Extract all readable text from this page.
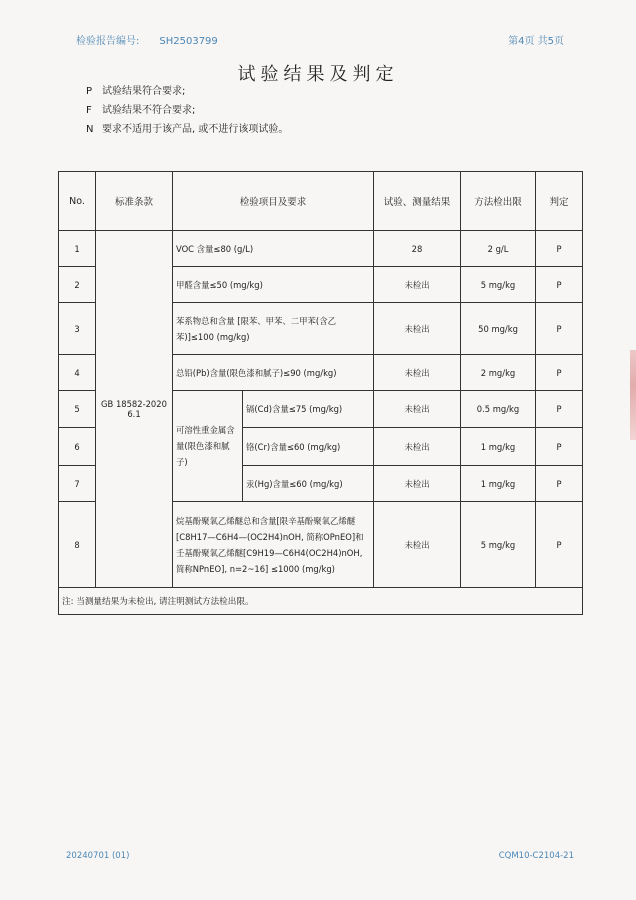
检验报告编号: SH2503799	第4页 共5页
试验结果及判定
P 试验结果符合要求;
F	试验结果不符合要求;
N 要求不适用于该产品, 或不进行该项试验。
No.	标准条款	检验项目及要求		试验、测量结果	方法检出限	判定
1	GB 18582-2020 6.1	VOC 含量≤80 (g/L)		28	2 g/L	P
2		甲醛含量≤50 (mg/kg)		未检出	5 mg/kg	P
3		苯系物总和含量 [限苯、甲苯、二甲苯(含乙苯)]≤100 (mg/kg)		未检出	50 mg/kg	P
4		总铅(Pb)含量(限色漆和腻子)≤90 (mg/kg)		未检出	2 mg/kg	P
5		可溶性重金属含量(限色漆和腻子)	镉(Cd)含量≤75 (mg/kg)	未检出	0.5 mg/kg	P
6			铬(Cr)含量≤60 (mg/kg)	未检出	1 mg/kg	P
7			汞(Hg)含量≤60 (mg/kg)	未检出	1 mg/kg	P
8		烷基酚聚氧乙烯醚总和含量[限辛基酚聚氧乙烯醚[C8H17—C6H4—(OC2H4)nOH, 简称OPnEO]和壬基酚聚氧乙烯醚[C9H19—C6H4(OC2H4)nOH, 简称NPnEO], n=2~16] ≤1000 (mg/kg)		未检出	5 mg/kg	P
注: 当测量结果为未检出, 请注明测试方法检出限。						
20240701 (01)	CQM10-C2104-21
